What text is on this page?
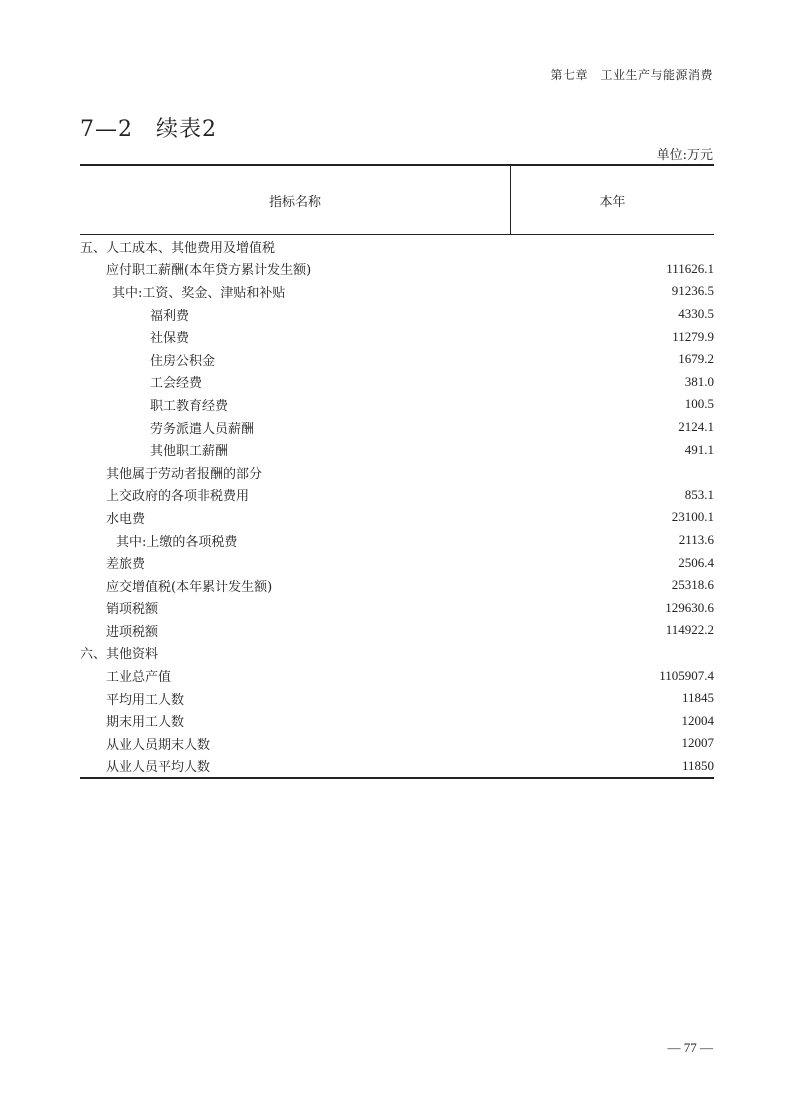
第七章　工业生产与能源消费
7—2　续表2
单位:万元
指标名称	本年
五、人工成本、其他费用及增值税	
应付职工薪酬(本年贷方累计发生额)	111626.1
其中:工资、奖金、津贴和补贴	91236.5
福利费	4330.5
社保费	11279.9
住房公积金	1679.2
工会经费	381.0
职工教育经费	100.5
劳务派遣人员薪酬	2124.1
其他职工薪酬	491.1
其他属于劳动者报酬的部分	
上交政府的各项非税费用	853.1
水电费	23100.1
其中:上缴的各项税费	2113.6
差旅费	2506.4
应交增值税(本年累计发生额)	25318.6
销项税额	129630.6
进项税额	114922.2
六、其他资料	
工业总产值	1105907.4
平均用工人数	11845
期末用工人数	12004
从业人员期末人数	12007
从业人员平均人数	11850
— 77 —
